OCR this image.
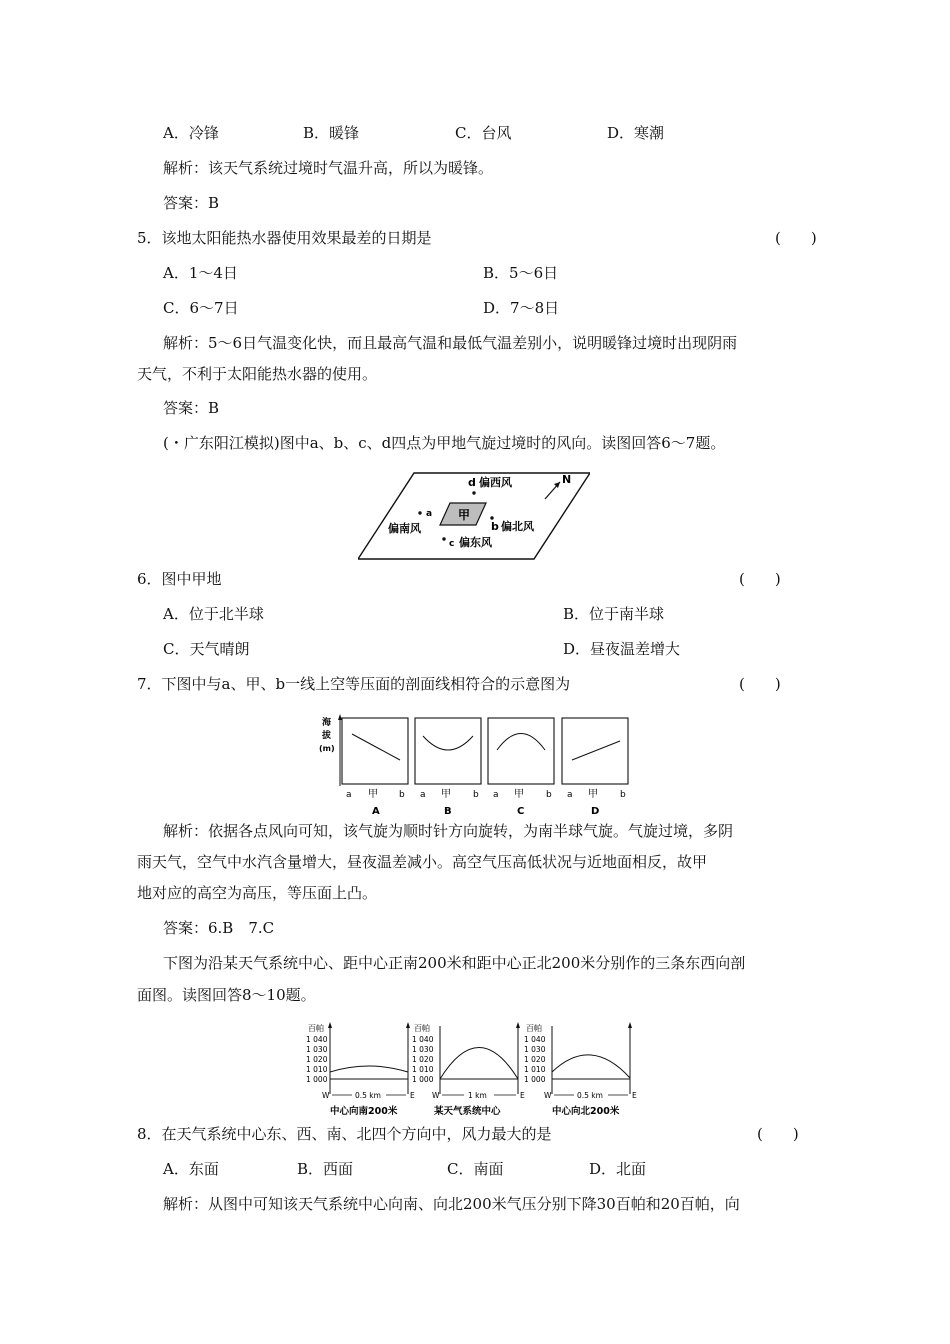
A．冷锋	B．暖锋	C．台风	D．寒潮
解析：该天气系统过境时气温升高，所以为暖锋。
答案：B
5．该地太阳能热水器使用效果最差的日期是	(　　)
A．1～4日	B．5～6日
C．6～7日	D．7～8日
解析：5～6日气温变化快，而且最高气温和最低气温差别小，说明暖锋过境时出现阴雨
天气，不利于太阳能热水器的使用。
答案：B
(・广东阳江模拟)图中a、b、c、d四点为甲地气旋过境时的风向。读图回答6～7题。
甲
d 偏西风
a
偏南风	b 偏北风
c 偏东风
N
6．图中甲地	(　　)
A．位于北半球	B．位于南半球
C．天气晴朗	D．昼夜温差增大
7．下图中与a、甲、b一线上空等压面的剖面线相符合的示意图为	(　　)
海
拔
(m)
a 甲 b
A
a 甲 b
B
a 甲 b
C
a 甲 b
D
解析：依据各点风向可知，该气旋为顺时针方向旋转，为南半球气旋。气旋过境，多阴
雨天气，空气中水汽含量增大，昼夜温差减小。高空气压高低状况与近地面相反，故甲
地对应的高空为高压，等压面上凸。
答案：6.B　7.C
下图为沿某天气系统中心、距中心正南200米和距中心正北200米分别作的三条东西向剖
面图。读图回答8～10题。
百帕
1 040
1 030
1 020
1 010
1 000
W	E
0.5 km
中心向南200米
百帕
1 040
1 030
1 020
1 010
1 000
W	E
1 km
某天气系统中心
百帕
1 040
1 030
1 020
1 010
1 000
W	E
0.5 km
中心向北200米
8．在天气系统中心东、西、南、北四个方向中，风力最大的是	(　　)
A．东面	B．西面	C．南面	D．北面
解析：从图中可知该天气系统中心向南、向北200米气压分别下降30百帕和20百帕，向
